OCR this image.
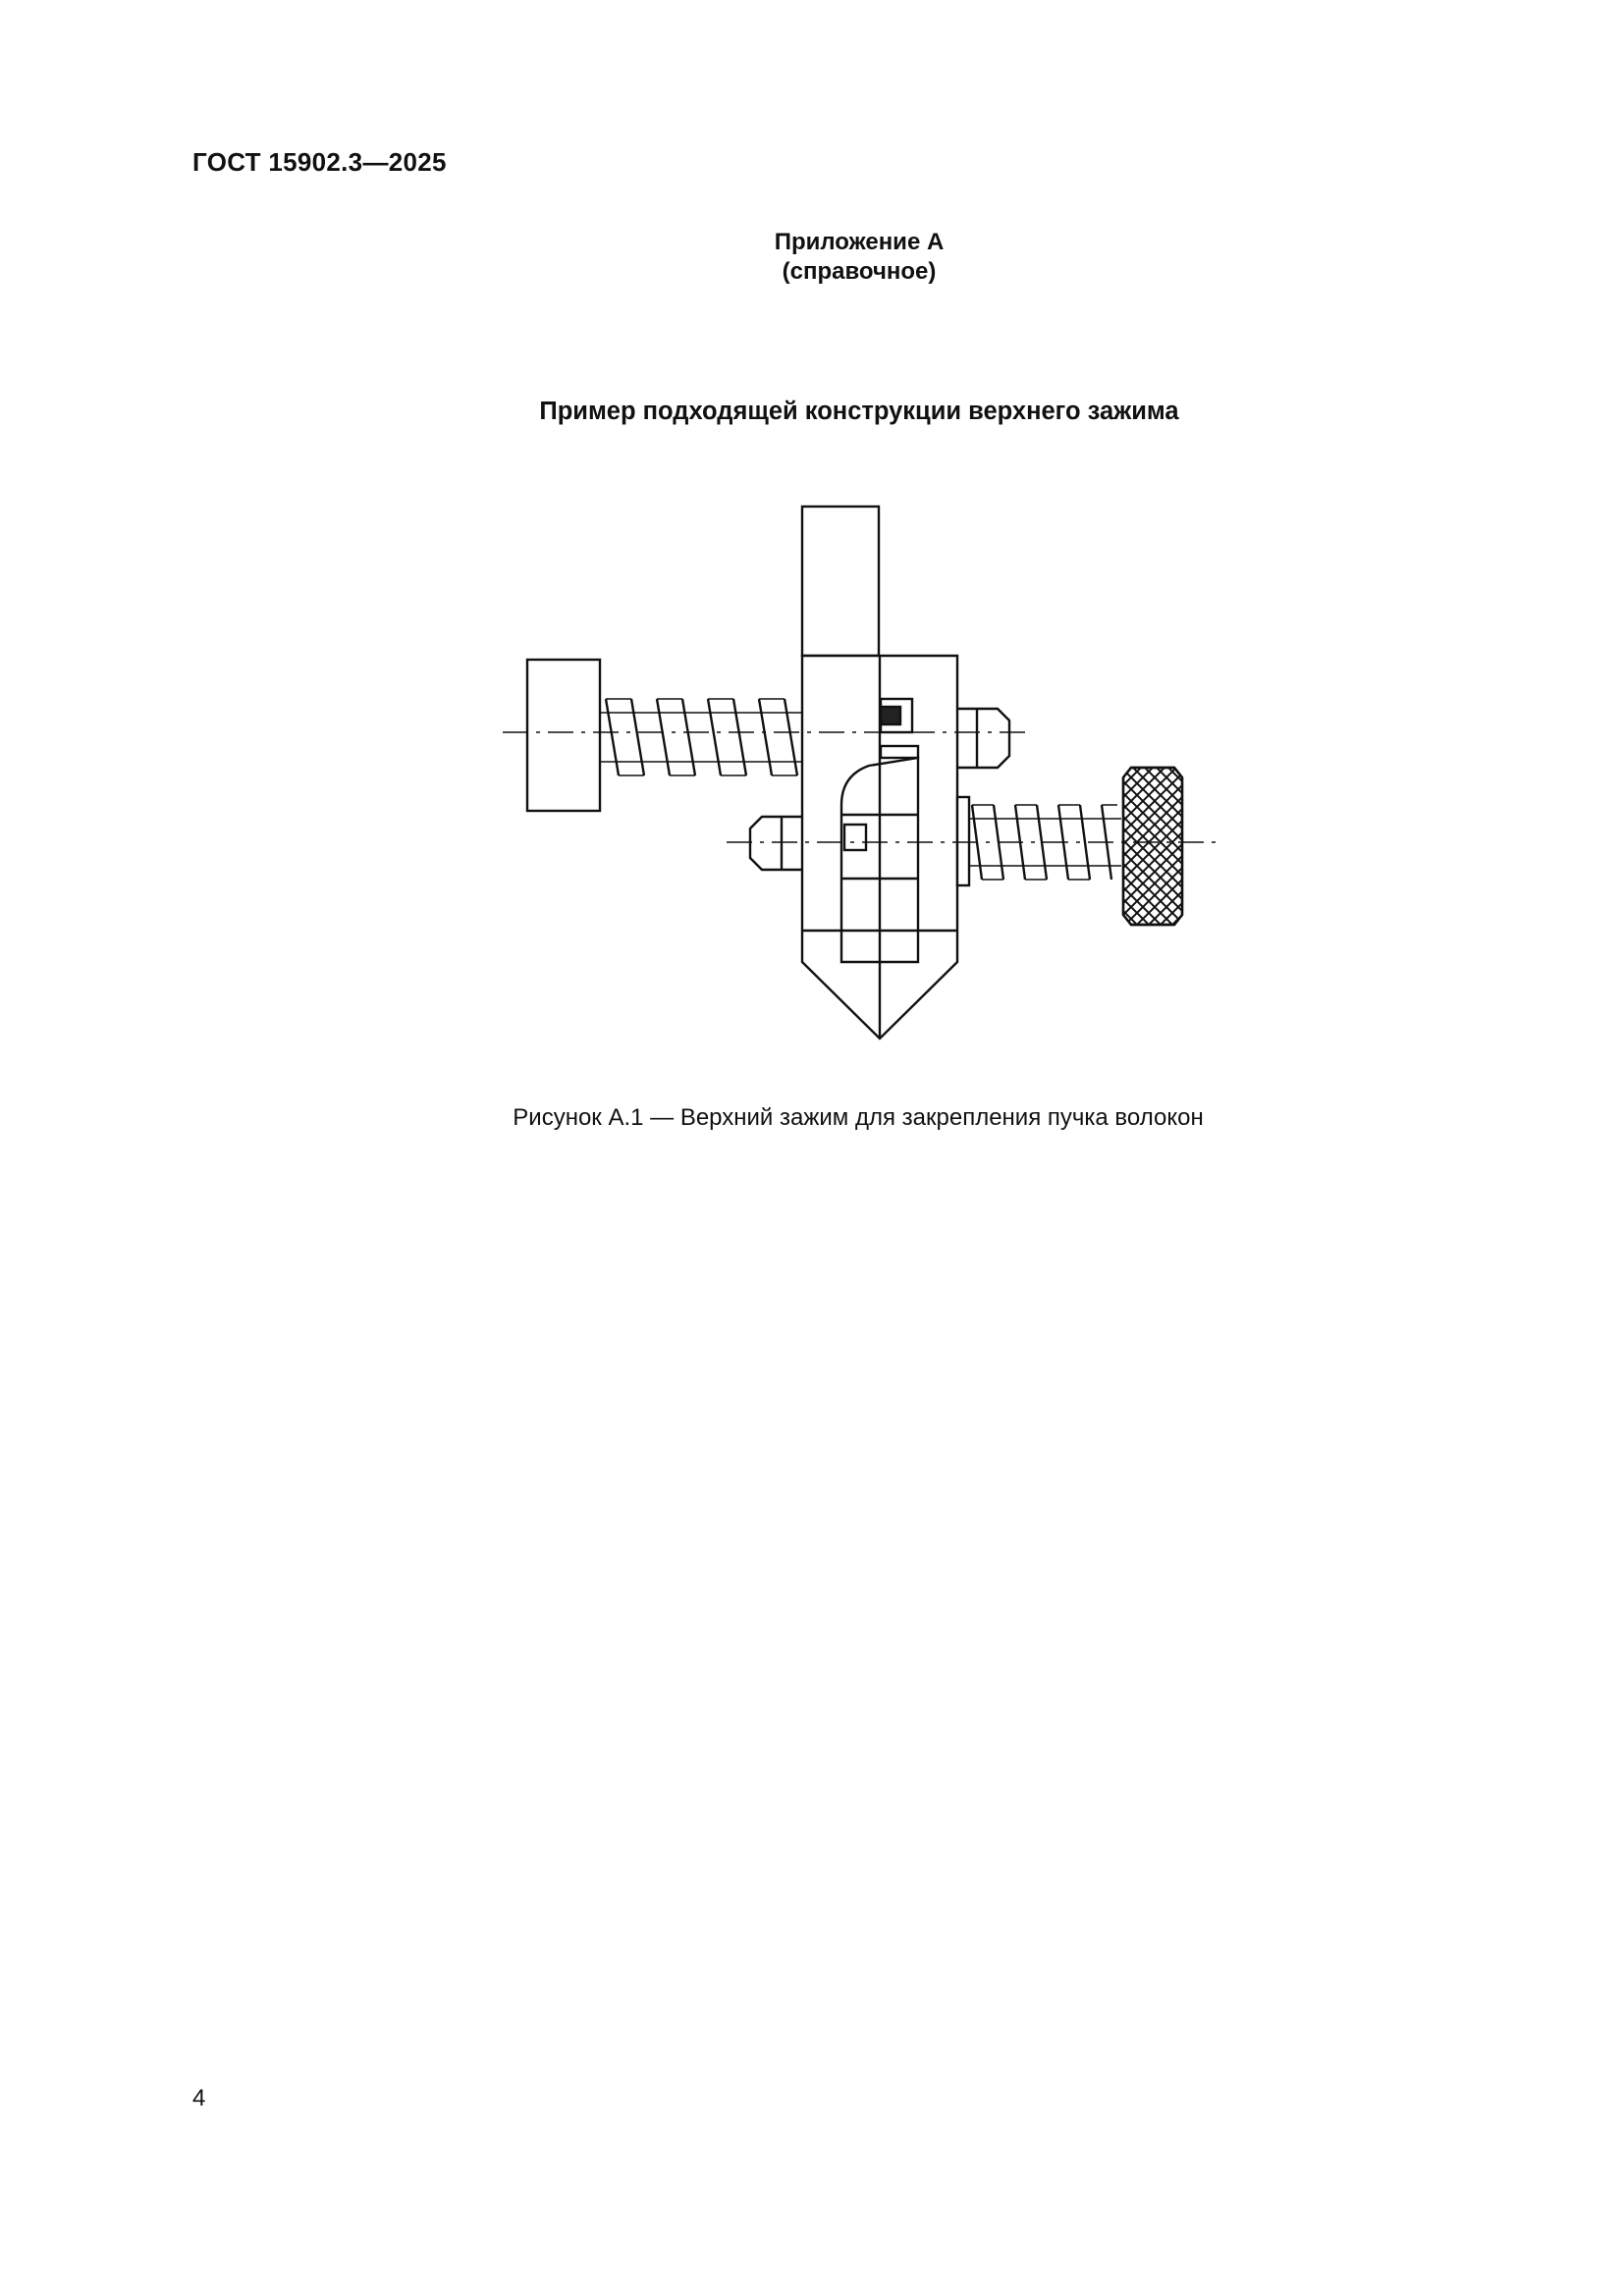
ГОСТ 15902.3—2025
Приложение А
(справочное)
Пример подходящей конструкции верхнего зажима
Рисунок А.1 — Верхний зажим для закрепления пучка волокон
4
